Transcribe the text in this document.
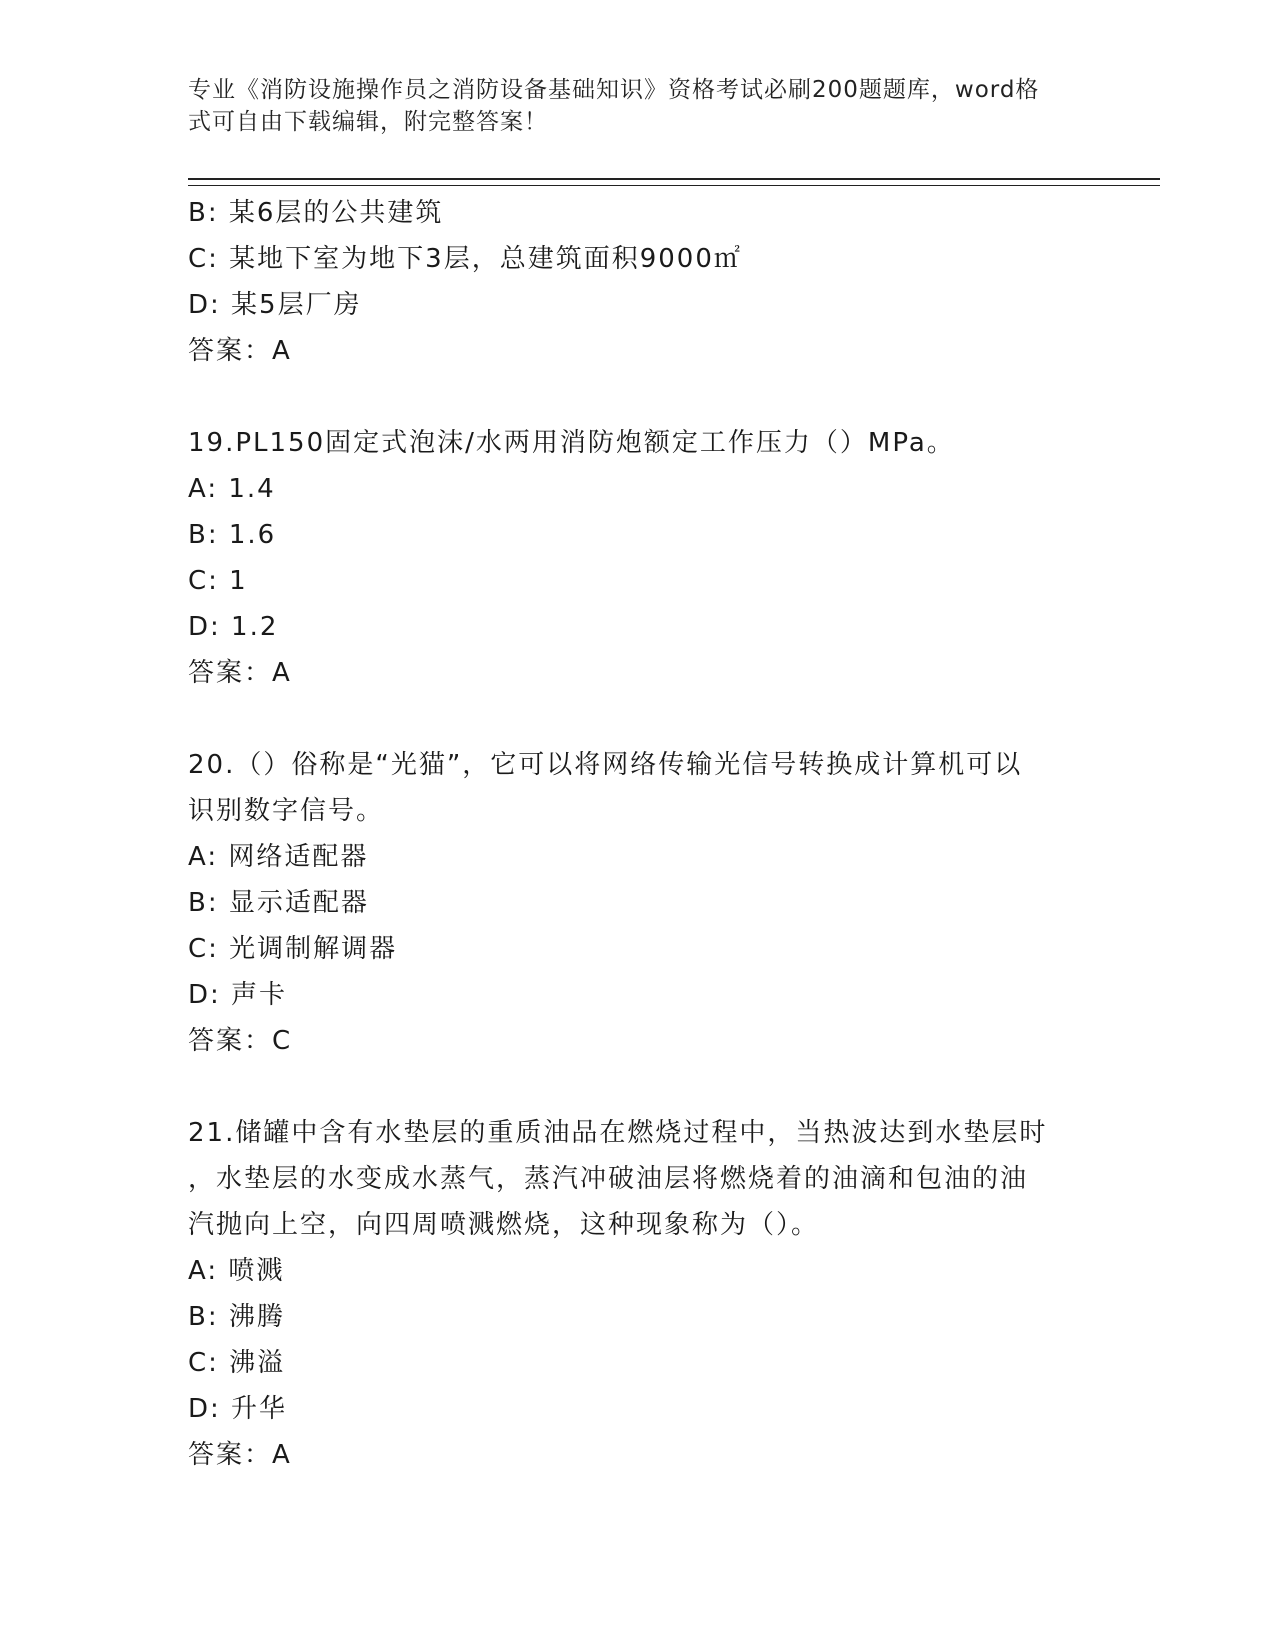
专业《消防设施操作员之消防设备基础知识》资格考试必刷200题题库，word格
式可自由下载编辑，附完整答案！
B: 某6层的公共建筑
C: 某地下室为地下3层，总建筑面积9000㎡
D: 某5层厂房
答案：A
19.PL150固定式泡沫/水两用消防炮额定工作压力（）MPa。
A: 1.4
B: 1.6
C: 1
D: 1.2
答案：A
20.（）俗称是“光猫”，它可以将网络传输光信号转换成计算机可以
识别数字信号。
A: 网络适配器
B: 显示适配器
C: 光调制解调器
D: 声卡
答案：C
21.储罐中含有水垫层的重质油品在燃烧过程中，当热波达到水垫层时
，水垫层的水变成水蒸气，蒸汽冲破油层将燃烧着的油滴和包油的油
汽抛向上空，向四周喷溅燃烧，这种现象称为（）。
A: 喷溅
B: 沸腾
C: 沸溢
D: 升华
答案：A
